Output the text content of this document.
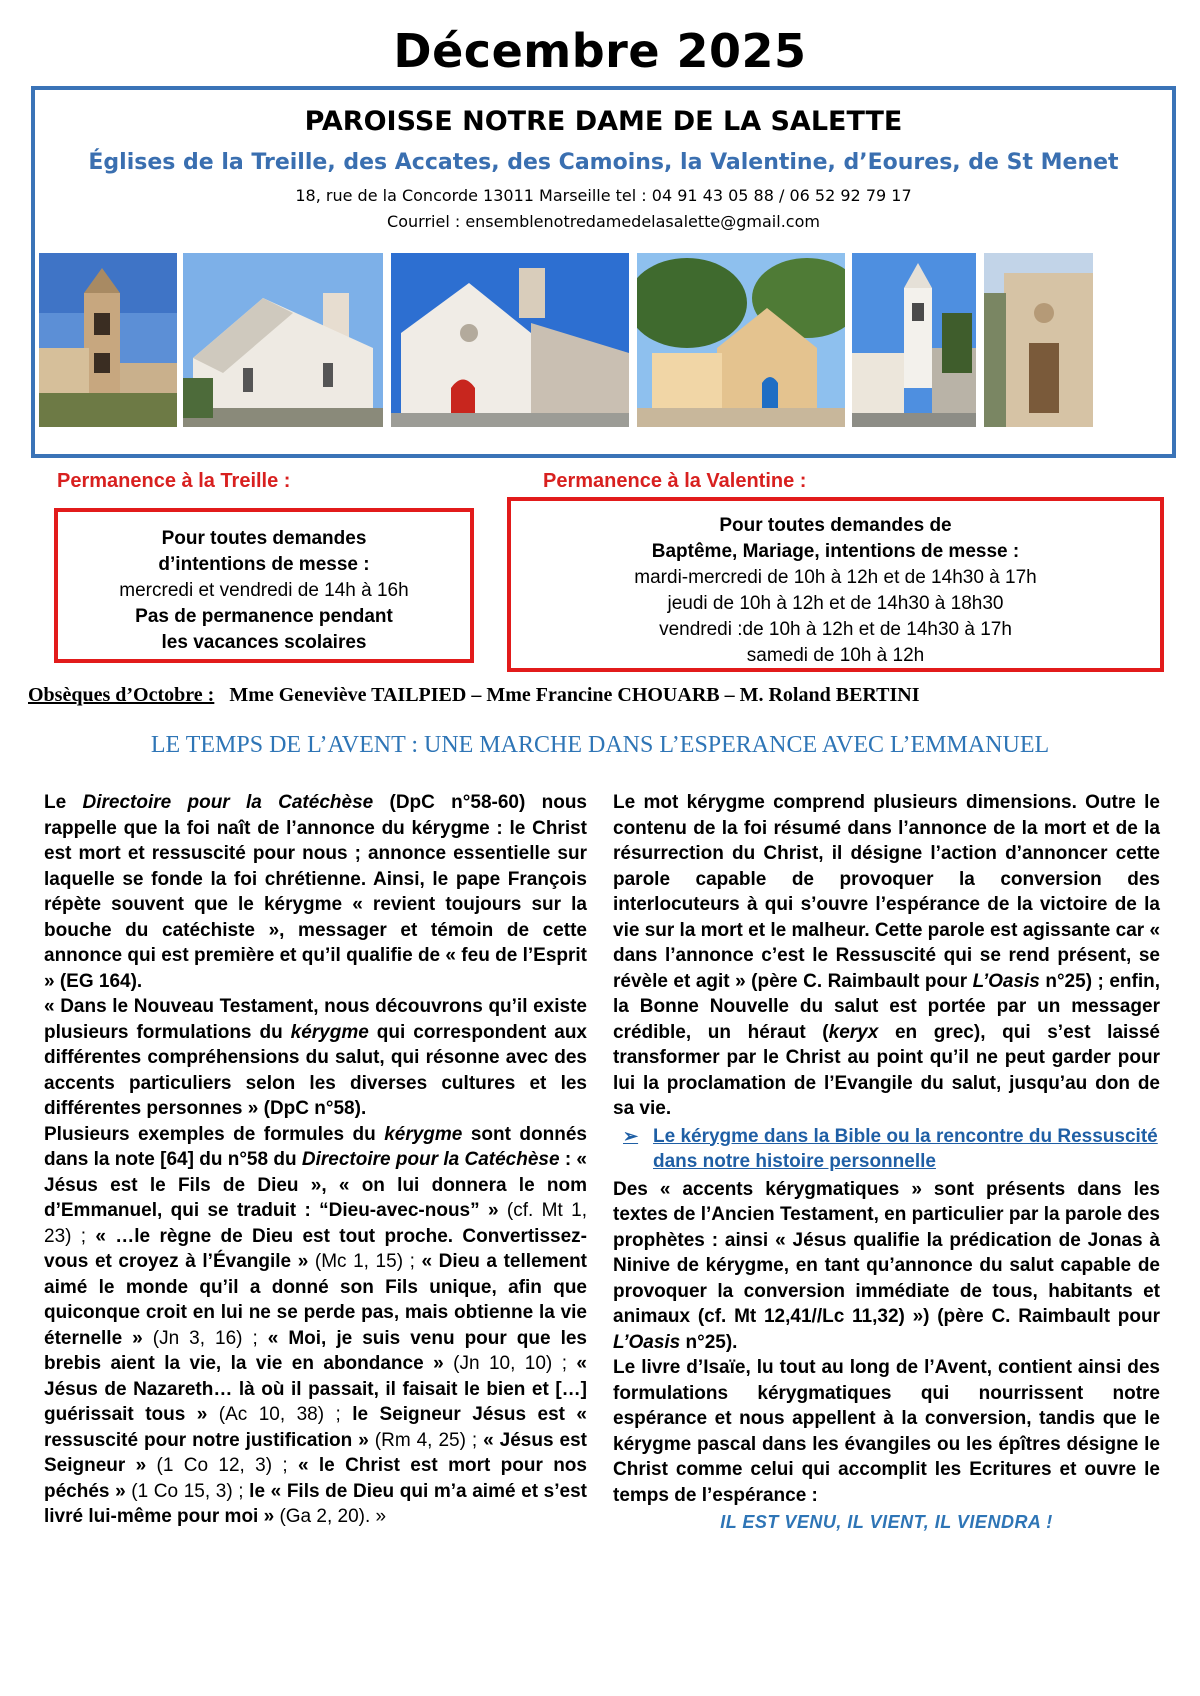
Décembre 2025
PAROISSE NOTRE DAME DE LA SALETTE
Églises de la Treille, des Accates, des Camoins, la Valentine, d’Eoures, de St Menet
18, rue de la Concorde 13011 Marseille tel : 04 91 43 05 88 / 06 52 92 79 17
Courriel : ensemblenotredamedelasalette@gmail.com
Permanence à la Treille :	Permanence à la Valentine :
Pour toutes demandes
d’intentions de messe :
mercredi et vendredi de 14h à 16h
Pas de permanence pendant
les vacances scolaires
Pour toutes demandes de
Baptême, Mariage, intentions de messe :
mardi-mercredi de 10h à 12h et de 14h30 à 17h
jeudi de 10h à 12h et de 14h30 à 18h30
vendredi :de 10h à 12h et de 14h30 à 17h
samedi de 10h à 12h
Obsèques d’Octobre : Mme Geneviève TAILPIED – Mme Francine CHOUARB – M. Roland BERTINI
LE TEMPS DE L’AVENT : UNE MARCHE DANS L’ESPERANCE AVEC L’EMMANUEL

Le Directoire pour la Catéchèse (DpC n°58-60) nous rappelle que la foi naît de l’annonce du kérygme : le Christ est mort et ressuscité pour nous ; annonce essentielle sur laquelle se fonde la foi chrétienne. Ainsi, le pape François répète souvent que le kérygme « revient toujours sur la bouche du catéchiste », messager et témoin de cette annonce qui est première et qu’il qualifie de « feu de l’Esprit » (EG 164).

« Dans le Nouveau Testament, nous découvrons qu’il existe plusieurs formulations du kérygme qui correspondent aux différentes compréhensions du salut, qui résonne avec des accents particuliers selon les diverses cultures et les différentes personnes » (DpC n°58).

Plusieurs exemples de formules du kérygme sont donnés dans la note [64] du n°58 du Directoire pour la Catéchèse : « Jésus est le Fils de Dieu », « on lui donnera le nom d’Emmanuel, qui se traduit : “Dieu-avec-nous” » (cf. Mt 1, 23) ; « …le règne de Dieu est tout proche. Convertissez-vous et croyez à l’Évangile » (Mc 1, 15) ; « Dieu a tellement aimé le monde qu’il a donné son Fils unique, afin que quiconque croit en lui ne se perde pas, mais obtienne la vie éternelle » (Jn 3, 16) ; « Moi, je suis venu pour que les brebis aient la vie, la vie en abondance » (Jn 10, 10) ; « Jésus de Nazareth… là où il passait, il faisait le bien et […] guérissait tous » (Ac 10, 38) ; le Seigneur Jésus est « ressuscité pour notre justification » (Rm 4, 25) ; « Jésus est Seigneur » (1 Co 12, 3) ; « le Christ est mort pour nos péchés » (1 Co 15, 3) ; le « Fils de Dieu qui m’a aimé et s’est livré lui-même pour moi » (Ga 2, 20). »

Le mot kérygme comprend plusieurs dimensions. Outre le contenu de la foi résumé dans l’annonce de la mort et de la résurrection du Christ, il désigne l’action d’annoncer cette parole capable de provoquer la conversion des interlocuteurs à qui s’ouvre l’espérance de la victoire de la vie sur la mort et le malheur. Cette parole est agissante car « dans l’annonce c’est le Ressuscité qui se rend présent, se révèle et agit » (père C. Raimbault pour L’Oasis n°25) ; enfin, la Bonne Nouvelle du salut est portée par un messager crédible, un héraut (keryx en grec), qui s’est laissé transformer par le Christ au point qu’il ne peut garder pour lui la proclamation de l’Evangile du salut, jusqu’au don de sa vie.

➢ Le kérygme dans la Bible ou la rencontre du Ressuscité dans notre histoire personnelle

Des « accents kérygmatiques » sont présents dans les textes de l’Ancien Testament, en particulier par la parole des prophètes : ainsi « Jésus qualifie la prédication de Jonas à Ninive de kérygme, en tant qu’annonce du salut capable de provoquer la conversion immédiate de tous, habitants et animaux (cf. Mt 12,41//Lc 11,32) ») (père C. Raimbault pour L’Oasis n°25).

Le livre d’Isaïe, lu tout au long de l’Avent, contient ainsi des formulations kérygmatiques qui nourrissent notre espérance et nous appellent à la conversion, tandis que le kérygme pascal dans les évangiles ou les épîtres désigne le Christ comme celui qui accomplit les Ecritures et ouvre le temps de l’espérance :

IL EST VENU, IL VIENT, IL VIENDRA !
